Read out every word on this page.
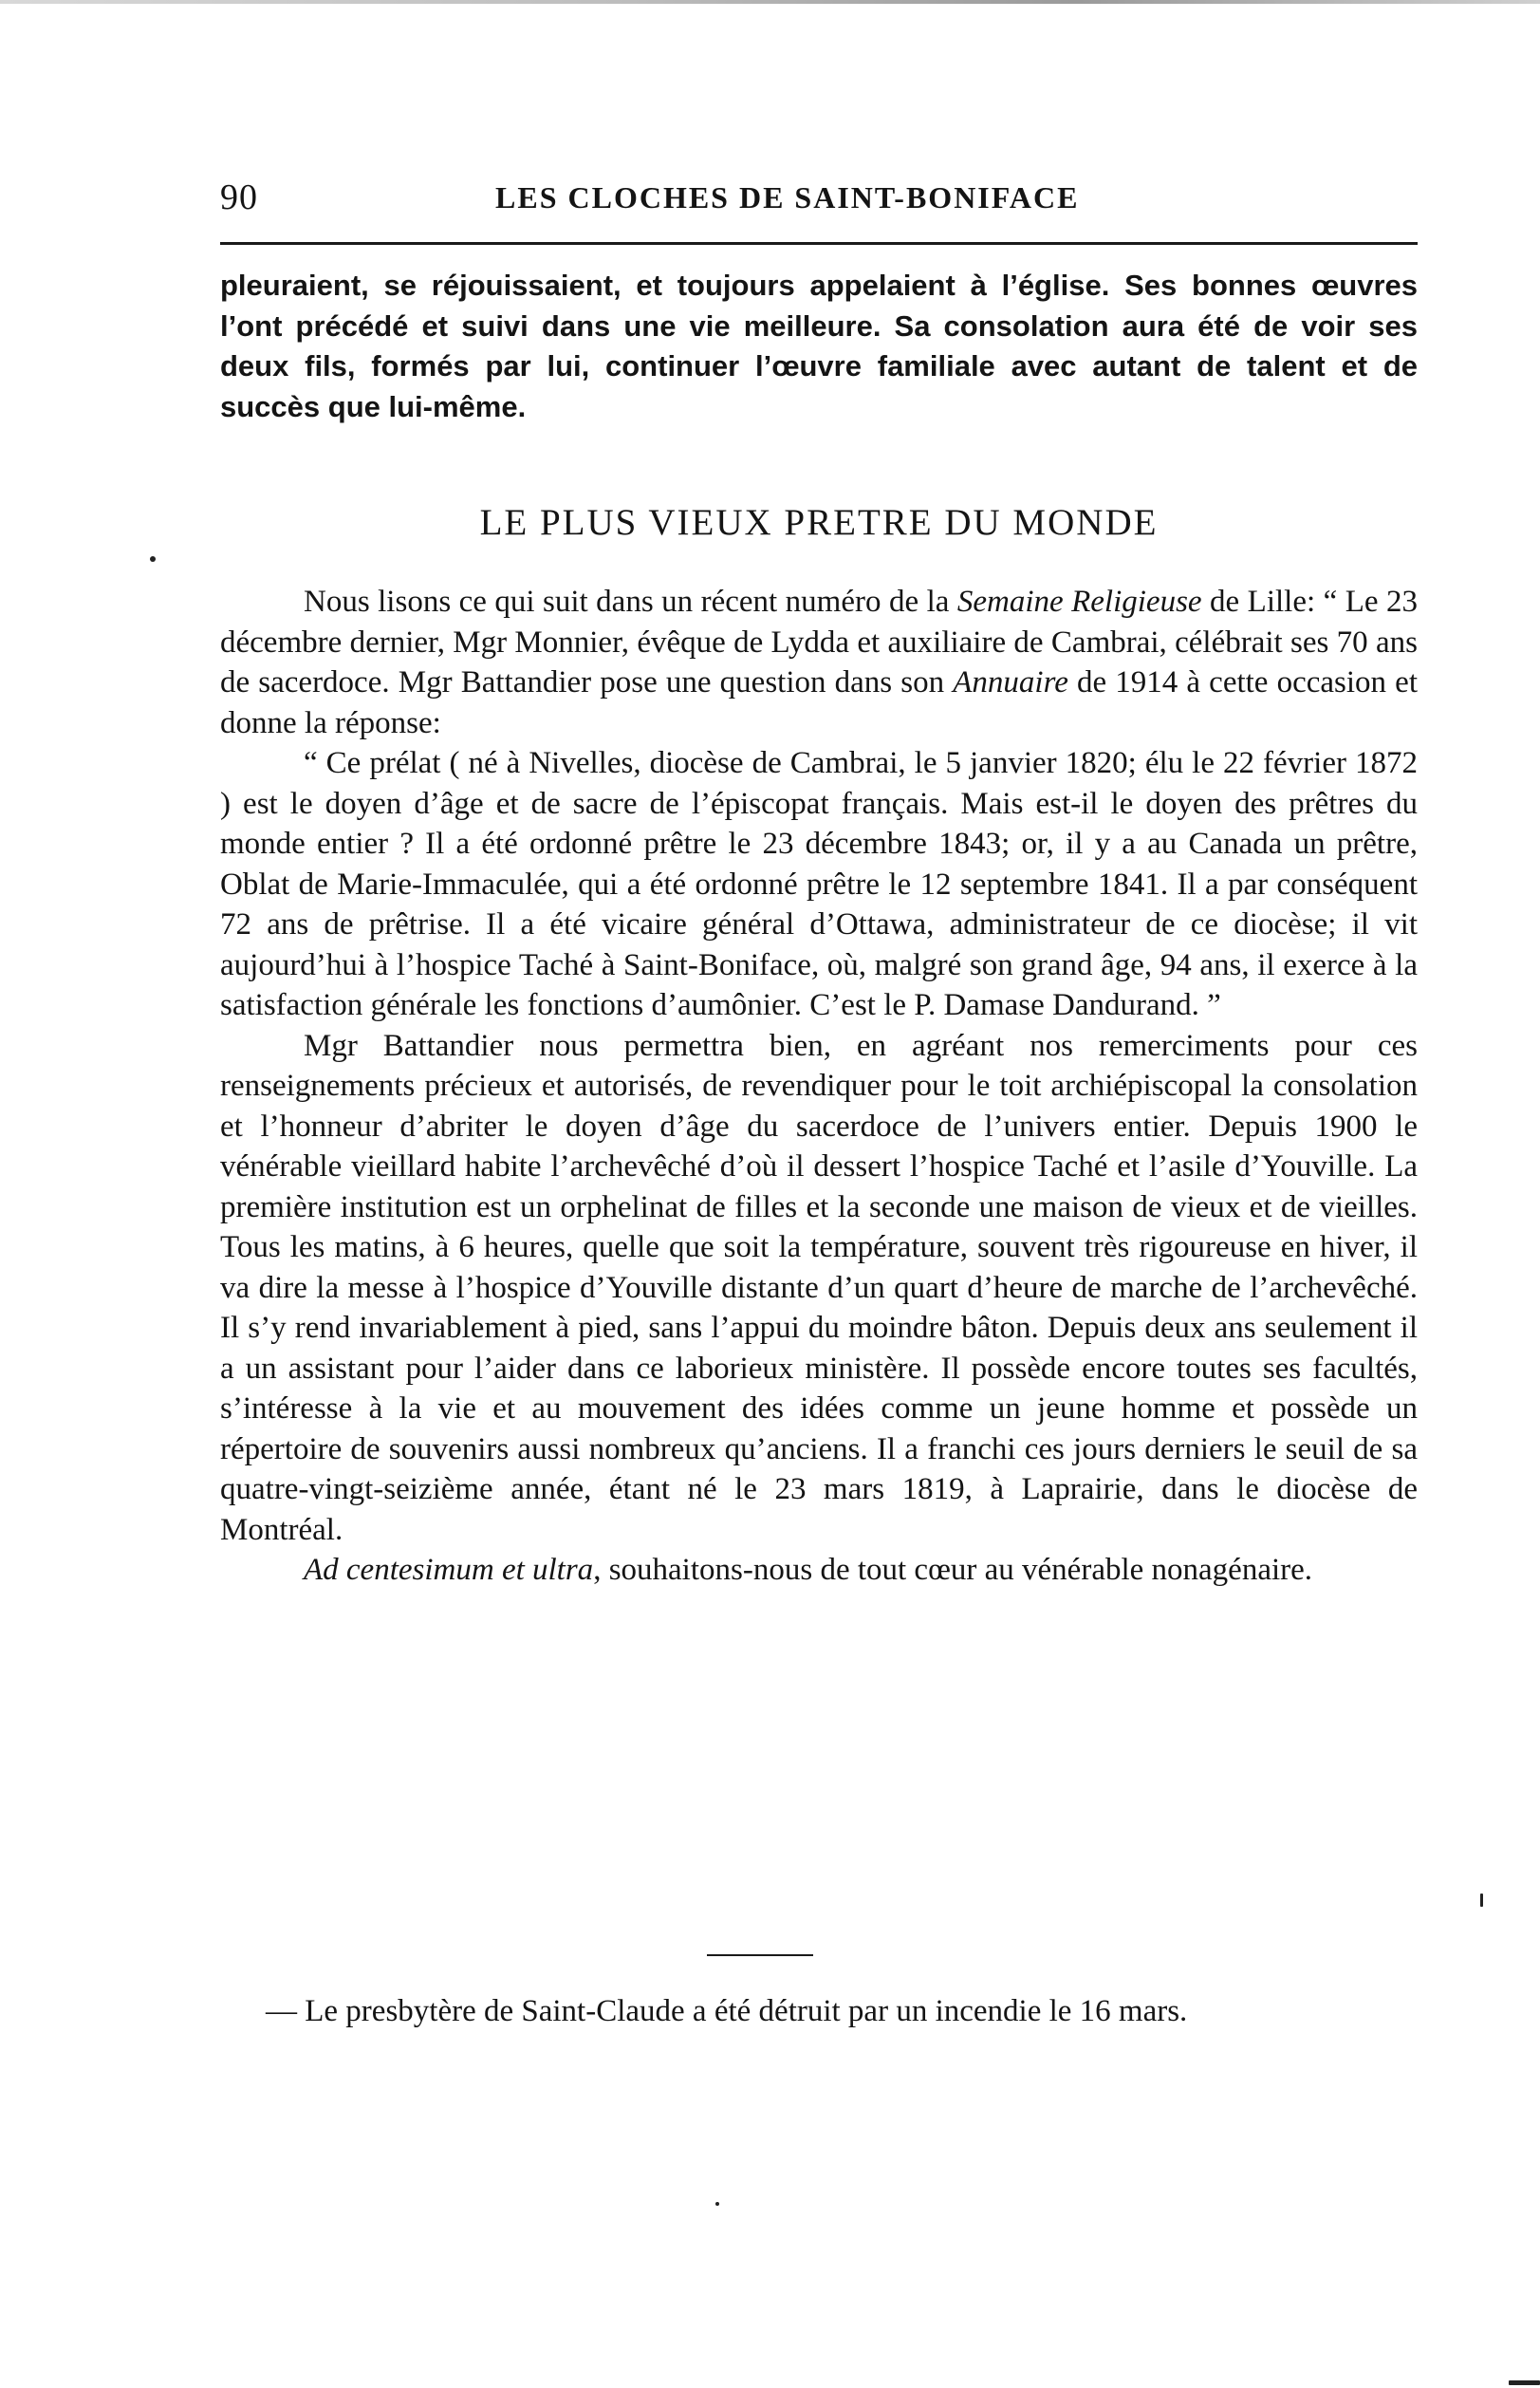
90	LES CLOCHES DE SAINT-BONIFACE

pleuraient, se réjouissaient, et toujours appelaient à l’église. Ses bonnes œuvres l’ont précédé et suivi dans une vie meilleure. Sa consolation aura été de voir ses deux fils, formés par lui, continuer l’œuvre familiale avec autant de talent et de succès que lui-même.

LE PLUS VIEUX PRETRE DU MONDE

Nous lisons ce qui suit dans un récent numéro de la Semaine Religieuse de Lille: “ Le 23 décembre dernier, Mgr Monnier, évêque de Lydda et auxiliaire de Cambrai, célébrait ses 70 ans de sacerdoce. Mgr Battandier pose une question dans son Annuaire de 1914 à cette occasion et donne la réponse:

“ Ce prélat ( né à Nivelles, diocèse de Cambrai, le 5 janvier 1820; élu le 22 février 1872 ) est le doyen d’âge et de sacre de l’épiscopat français. Mais est-il le doyen des prêtres du monde entier ? Il a été ordonné prêtre le 23 décembre 1843; or, il y a au Canada un prêtre, Oblat de Marie-Immaculée, qui a été ordonné prêtre le 12 septembre 1841. Il a par conséquent 72 ans de prêtrise. Il a été vicaire général d’Ottawa, administrateur de ce diocèse; il vit aujourd’hui à l’hospice Taché à Saint-Boniface, où, malgré son grand âge, 94 ans, il exerce à la satisfaction générale les fonctions d’aumônier. C’est le P. Damase Dandurand. ”

Mgr Battandier nous permettra bien, en agréant nos remerciments pour ces renseignements précieux et autorisés, de revendiquer pour le toit archiépiscopal la consolation et l’honneur d’abriter le doyen d’âge du sacerdoce de l’univers entier. Depuis 1900 le vénérable vieillard habite l’archevêché d’où il dessert l’hospice Taché et l’asile d’Youville. La première institution est un orphelinat de filles et la seconde une maison de vieux et de vieilles. Tous les matins, à 6 heures, quelle que soit la température, souvent très rigoureuse en hiver, il va dire la messe à l’hospice d’Youville distante d’un quart d’heure de marche de l’archevêché. Il s’y rend invariablement à pied, sans l’appui du moindre bâton. Depuis deux ans seulement il a un assistant pour l’aider dans ce laborieux ministère. Il possède encore toutes ses facultés, s’intéresse à la vie et au mouvement des idées comme un jeune homme et possède un répertoire de souvenirs aussi nombreux qu’anciens. Il a franchi ces jours derniers le seuil de sa quatre-vingt-seizième année, étant né le 23 mars 1819, à Laprairie, dans le diocèse de Montréal.

Ad centesimum et ultra, souhaitons-nous de tout cœur au vénérable nonagénaire.

— Le presbytère de Saint-Claude a été détruit par un incendie le 16 mars.
